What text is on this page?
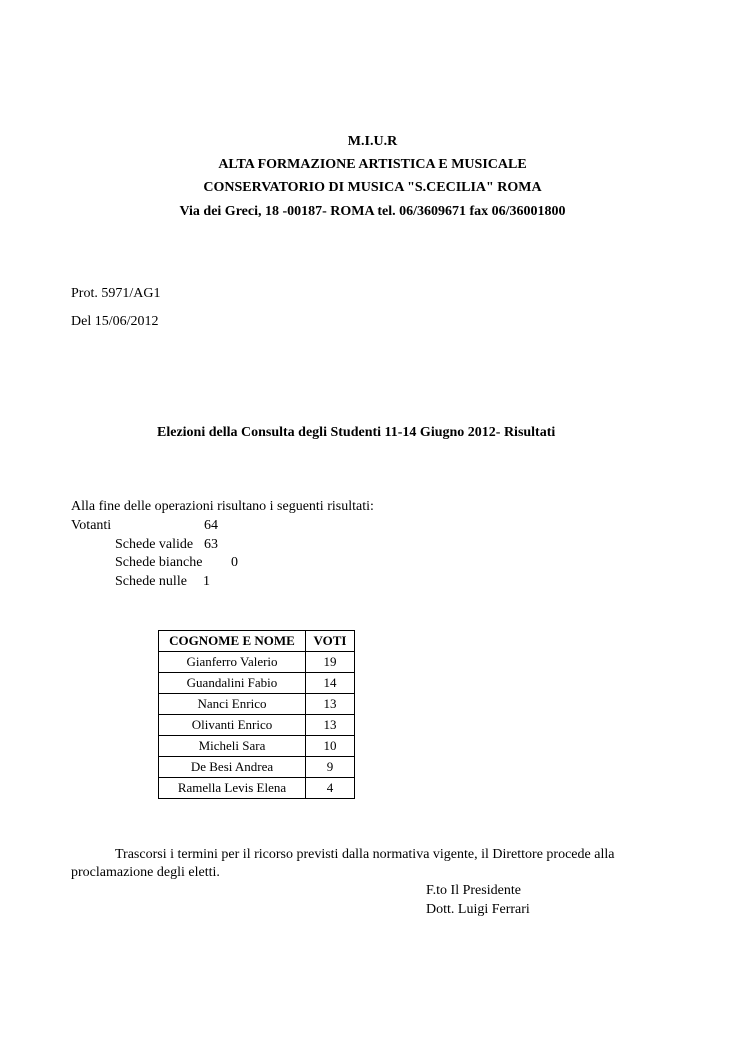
M.I.U.R
ALTA FORMAZIONE ARTISTICA E MUSICALE
CONSERVATORIO DI MUSICA "S.CECILIA" ROMA
Via dei Greci, 18 -00187- ROMA tel. 06/3609671 fax 06/36001800
Prot. 5971/AG1
Del 15/06/2012
Elezioni della Consulta degli Studenti 11-14 Giugno 2012- Risultati
Alla fine delle operazioni risultano i seguenti risultati:
Votanti	64
Schede valide 63
Schede bianche 0
Schede nulle 1
COGNOME E NOME	VOTI
Gianferro Valerio	19
Guandalini Fabio	14
Nanci Enrico	13
Olivanti Enrico	13
Micheli Sara	10
De Besi Andrea	9
Ramella Levis Elena	4
Trascorsi i termini per il ricorso previsti dalla normativa vigente, il Direttore procede alla
proclamazione degli eletti.
F.to Il Presidente
Dott. Luigi Ferrari
